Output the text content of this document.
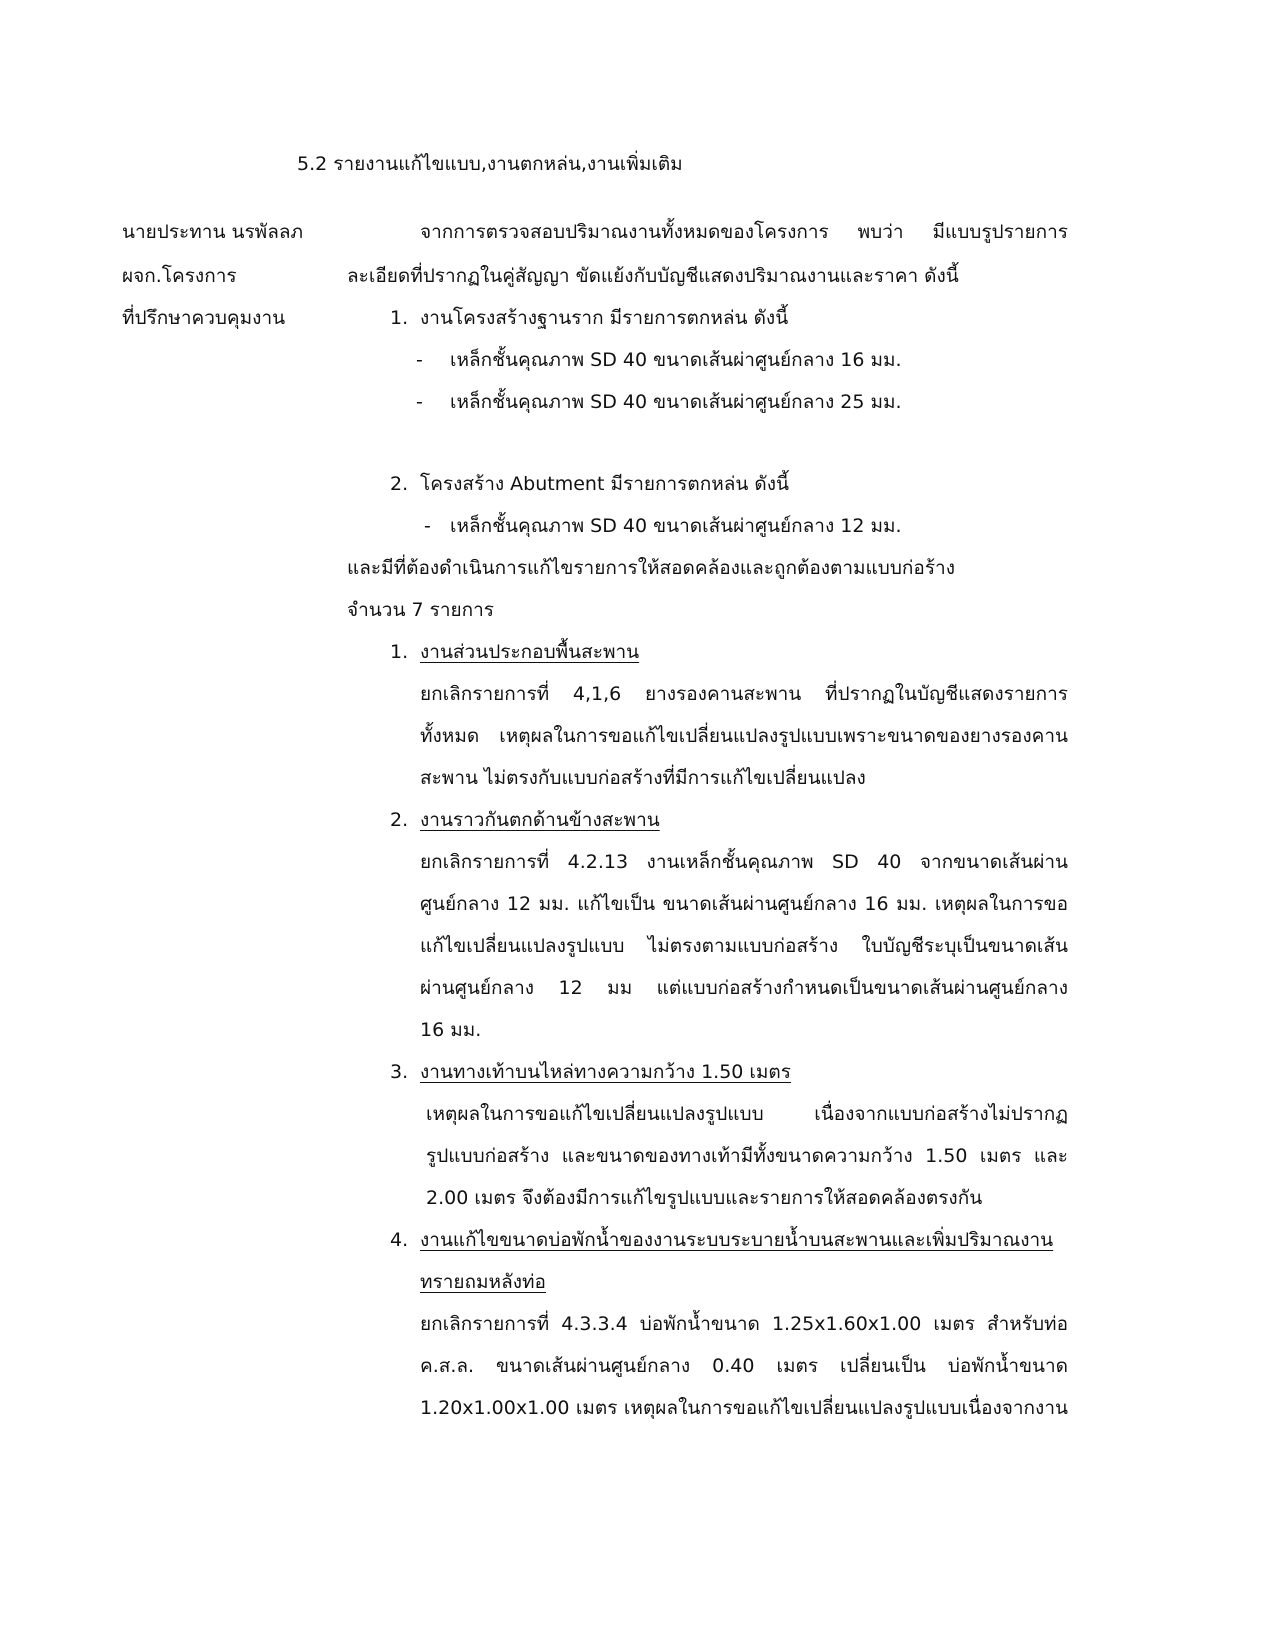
5.2 รายงานแก้ไขแบบ,งานตกหล่น,งานเพิ่มเติม
นายประทาน นรพัลลภ
ผจก.โครงการ
ที่ปรึกษาควบคุมงาน
จากการตรวจสอบปริมาณงานทั้งหมดของโครงการ พบว่า มีแบบรูปรายการ
ละเอียดที่ปรากฏในคู่สัญญา ขัดแย้งกับบัญชีแสดงปริมาณงานและราคา ดังนี้
1. งานโครงสร้างฐานราก มีรายการตกหล่น ดังนี้
- เหล็กชั้นคุณภาพ SD 40 ขนาดเส้นผ่าศูนย์กลาง 16 มม.
- เหล็กชั้นคุณภาพ SD 40 ขนาดเส้นผ่าศูนย์กลาง 25 มม.
2. โครงสร้าง Abutment มีรายการตกหล่น ดังนี้
- เหล็กชั้นคุณภาพ SD 40 ขนาดเส้นผ่าศูนย์กลาง 12 มม.
และมีที่ต้องดำเนินการแก้ไขรายการให้สอดคล้องและถูกต้องตามแบบก่อร้าง
จำนวน 7 รายการ
1. งานส่วนประกอบพื้นสะพาน
ยกเลิกรายการที่ 4,1,6 ยางรองคานสะพาน ที่ปรากฏในบัญชีแสดงรายการ
ทั้งหมด เหตุผลในการขอแก้ไขเปลี่ยนแปลงรูปแบบเพราะขนาดของยางรองคาน
สะพาน ไม่ตรงกับแบบก่อสร้างที่มีการแก้ไขเปลี่ยนแปลง
2. งานราวกันตกด้านข้างสะพาน
ยกเลิกรายการที่ 4.2.13 งานเหล็กชั้นคุณภาพ SD 40 จากขนาดเส้นผ่าน
ศูนย์กลาง 12 มม. แก้ไขเป็น ขนาดเส้นผ่านศูนย์กลาง 16 มม. เหตุผลในการขอ
แก้ไขเปลี่ยนแปลงรูปแบบ ไม่ตรงตามแบบก่อสร้าง ใบบัญชีระบุเป็นขนาดเส้น
ผ่านศูนย์กลาง 12 มม แต่แบบก่อสร้างกำหนดเป็นขนาดเส้นผ่านศูนย์กลาง
16 มม.
3. งานทางเท้าบนไหล่ทางความกว้าง 1.50 เมตร
เหตุผลในการขอแก้ไขเปลี่ยนแปลงรูปแบบ เนื่องจากแบบก่อสร้างไม่ปรากฏ
รูปแบบก่อสร้าง และขนาดของทางเท้ามีทั้งขนาดความกว้าง 1.50 เมตร และ
2.00 เมตร จึงต้องมีการแก้ไขรูปแบบและรายการให้สอดคล้องตรงกัน
4. งานแก้ไขขนาดบ่อพักน้ำของงานระบบระบายน้ำบนสะพานและเพิ่มปริมาณงาน
ทรายถมหลังท่อ
ยกเลิกรายการที่ 4.3.3.4 บ่อพักน้ำขนาด 1.25x1.60x1.00 เมตร สำหรับท่อ
ค.ส.ล. ขนาดเส้นผ่านศูนย์กลาง 0.40 เมตร เปลี่ยนเป็น บ่อพักน้ำขนาด
1.20x1.00x1.00 เมตร เหตุผลในการขอแก้ไขเปลี่ยนแปลงรูปแบบเนื่องจากงาน
